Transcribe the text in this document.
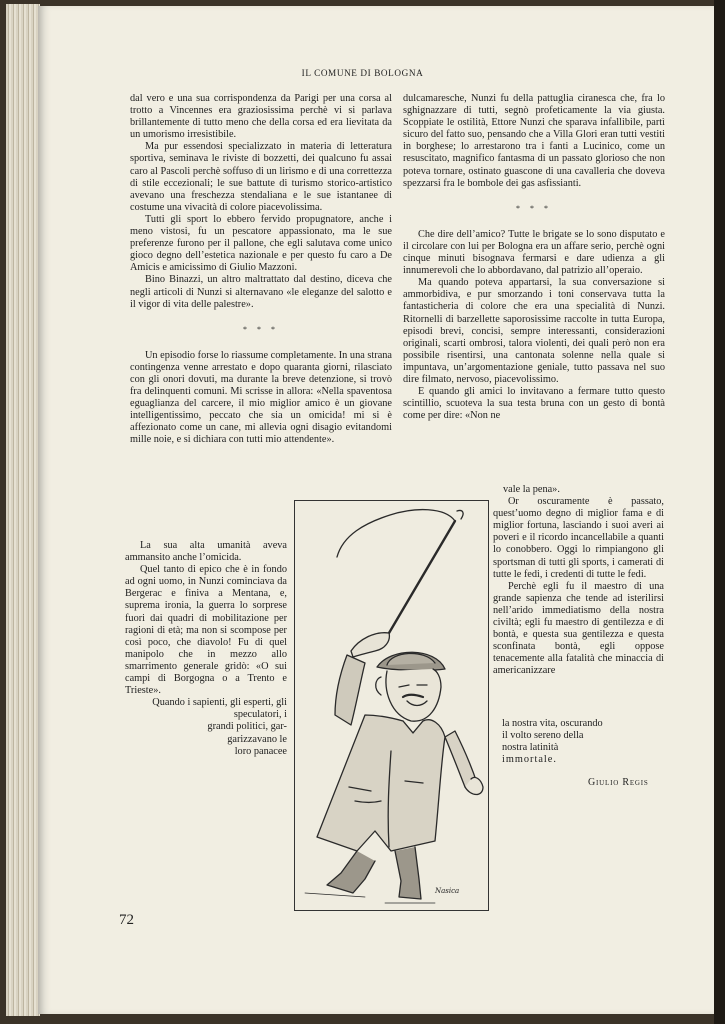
IL COMUNE DI BOLOGNA

dal vero e una sua corrispondenza da Parigi per una corsa al trotto a Vincennes era graziosissima perchè vi si parlava brillantemente di tutto meno che della corsa ed era lievitata da un umorismo irresistibile.

Ma pur essendosi specializzato in materia di letteratura sportiva, seminava le riviste di bozzetti, dei qualcuno fu assai caro al Pascoli perchè soffuso di un lirismo e di una correttezza di stile eccezionali; le sue battute di turismo storico-artistico avevano una freschezza stendaliana e le sue istantanee di costume una vivacità di colore piacevolissima.

Tutti gli sport lo ebbero fervido propugnatore, anche i meno vistosi, fu un pescatore appassionato, ma le sue preferenze furono per il pallone, che egli salutava come unico gioco degno dell’estetica nazionale e per questo fu caro a De Amicis e amicissimo di Giulio Mazzoni.

Bino Binazzi, un altro maltrattato dal destino, diceva che negli articoli di Nunzi si alternavano «le eleganze del salotto e il vigor di vita delle palestre».

* * *

Un episodio forse lo riassume completamente. In una strana contingenza venne arrestato e dopo quaranta giorni, rilasciato con gli onori dovuti, ma durante la breve detenzione, si trovò fra delinquenti comuni. Mi scrisse in allora: «Nella spaventosa eguaglianza del carcere, il mio miglior amico è un giovane intelligentissimo, peccato che sia un omicida! mi si è affezionato come un cane, mi allevia ogni disagio evitandomi mille noie, e si dichiara con tutti mio attendente».

La sua alta umanità aveva ammansito anche l’omicida.

Quel tanto di epico che è in fondo ad ogni uomo, in Nunzi cominciava da Bergerac e finiva a Mentana, e, suprema ironia, la guerra lo sorprese fuori dai quadri di mobilitazione per ragioni di età; ma non si scompose per così poco, che diavolo! Fu di quel manipolo che in mezzo allo smarrimento generale gridò: «O sui campi di Borgogna o a Trento e Trieste».

Quando i sapienti, gli esperti, gli speculatori, i
grandi politici, gar-
garizzavano le
loro panacee

dulcamaresche, Nunzi fu della pattuglia ciranesca che, fra lo sghignazzare di tutti, segnò profeticamente la via giusta. Scoppiate le ostilità, Ettore Nunzi che sparava infallibile, partì sicuro del fatto suo, pensando che a Villa Glori eran tutti vestiti in borghese; lo arrestarono tra i fanti a Lucinico, come un resuscitato, magnifico fantasma di un passato glorioso che non poteva tornare, ostinato guascone di una cavalleria che doveva spezzarsi fra le bombole dei gas asfissianti.

* * *

Che dire dell’amico? Tutte le brigate se lo sono disputato e il circolare con lui per Bologna era un affare serio, perchè ogni cinque minuti bisognava fermarsi e dare udienza a gli innumerevoli che lo abbordavano, dal patrizio all’operaio.

Ma quando poteva appartarsi, la sua conversazione si ammorbidiva, e pur smorzando i toni conservava tutta la fantasticheria di colore che era una specialità di Nunzi. Ritornelli di barzellette saporosissime raccolte in tutta Europa, episodi brevi, concisi, sempre interessanti, considerazioni originali, scarti ombrosi, talora violenti, dei quali però non era possibile risentirsi, una cantonata solenne nella quale si impuntava, un’argomentazione geniale, tutto passava nel suo dire filmato, nervoso, piacevolissimo.

E quando gli amici lo invitavano a fermare tutto questo scintillio, scuoteva la sua testa bruna con un gesto di bontà come per dire: «Non ne

vale la pena».

Or oscuramente è passato, quest’uomo degno di miglior fama e di miglior fortuna, lasciando i suoi averi ai poveri e il ricordo incancellabile a quanti lo conobbero. Oggi lo rimpiangono gli sportsman di tutti gli sports, i camerati di tutte le fedi, i credenti di tutte le fedi.

Perchè egli fu il maestro di una grande sapienza che tende ad isterilirsi nell’arido immediatismo della nostra civiltà; egli fu maestro di gentilezza e di bontà, e questa sua gentilezza e questa sconfinata bontà, egli oppose tenacemente alla fatalità che minaccia di americanizzare

la nostra vita, oscurando
il volto sereno della
nostra latinità
immortale.
Giulio Regis
Nasica
72
